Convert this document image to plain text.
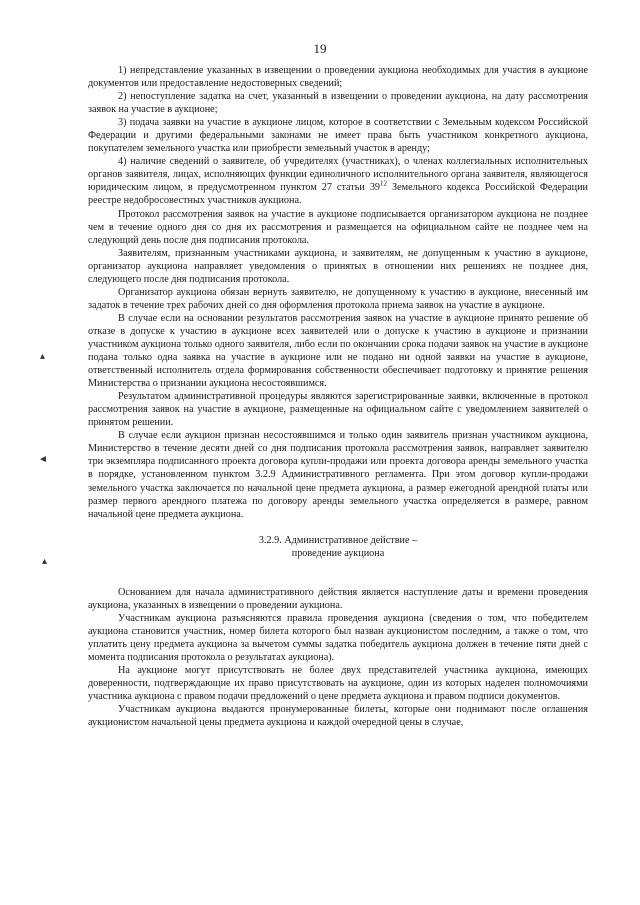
19
▴
◄
▴

1) непредставление указанных в извещении о проведении аукциона необходимых для участия в аукционе документов или предоставление недостоверных сведений;

2) непоступление задатка на счет, указанный в извещении о проведении аукциона, на дату рассмотрения заявок на участие в аукционе;

3) подача заявки на участие в аукционе лицом, которое в соответствии с Земельным кодексом Российской Федерации и другими федеральными законами не имеет права быть участником конкретного аукциона, покупателем земельного участка или приобрести земельный участок в аренду;

4) наличие сведений о заявителе, об учредителях (участниках), о членах коллегиальных исполнительных органов заявителя, лицах, исполняющих функции единоличного исполнительного органа заявителя, являющегося юридическим лицом, в предусмотренном пунктом 27 статьи $39^{12}$ Земельного кодекса Российской Федерации реестре недобросовестных участников аукциона.

Протокол рассмотрения заявок на участие в аукционе подписывается организатором аукциона не позднее чем в течение одного дня со дня их рассмотрения и размещается на официальном сайте не позднее чем на следующий день после дня подписания протокола.

Заявителям, признанным участниками аукциона, и заявителям, не допущенным к участию в аукционе, организатор аукциона направляет уведомления о принятых в отношении них решениях не позднее дня, следующего после дня подписания протокола.

Организатор аукциона обязан вернуть заявителю, не допущенному к участию в аукционе, внесенный им задаток в течение трех рабочих дней со дня оформления протокола приема заявок на участие в аукционе.

В случае если на основании результатов рассмотрения заявок на участие в аукционе принято решение об отказе в допуске к участию в аукционе всех заявителей или о допуске к участию в аукционе и признании участником аукциона только одного заявителя, либо если по окончании срока подачи заявок на участие в аукционе подана только одна заявка на участие в аукционе или не подано ни одной заявки на участие в аукционе, ответственный исполнитель отдела формирования собственности обеспечивает подготовку и принятие решения Министерства о признании аукциона несостоявшимся.

Результатом административной процедуры являются зарегистрированные заявки, включенные в протокол рассмотрения заявок на участие в аукционе, размещенные на официальном сайте с уведомлением заявителей о принятом решении.

В случае если аукцион признан несостоявшимся и только один заявитель признан участником аукциона, Министерство в течение десяти дней со дня подписания протокола рассмотрения заявок, направляет заявителю три экземпляра подписанного проекта договора купли-продажи или проекта договора аренды земельного участка в порядке, установленном пунктом 3.2.9 Административного регламента. При этом договор купли-продажи земельного участка заключается по начальной цене предмета аукциона, а размер ежегодной арендной платы или размер первого арендного платежа по договору аренды земельного участка определяется в размере, равном начальной цене предмета аукциона.

3.2.9. Административное действие –
проведение аукциона

Основанием для начала административного действия является наступление даты и времени проведения аукциона, указанных в извещении о проведении аукциона.

Участникам аукциона разъясняются правила проведения аукциона (сведения о том, что победителем аукциона становится участник, номер билета которого был назван аукционистом последним, а также о том, что уплатить цену предмета аукциона за вычетом суммы задатка победитель аукциона должен в течение пяти дней с момента подписания протокола о результатах аукциона).

На аукционе могут присутствовать не более двух представителей участника аукциона, имеющих доверенности, подтверждающие их право присутствовать на аукционе, один из которых наделен полномочиями участника аукциона с правом подачи предложений о цене предмета аукциона и правом подписи документов.

Участникам аукциона выдаются пронумерованные билеты, которые они поднимают после оглашения аукционистом начальной цены предмета аукциона и каждой очередной цены в случае,
